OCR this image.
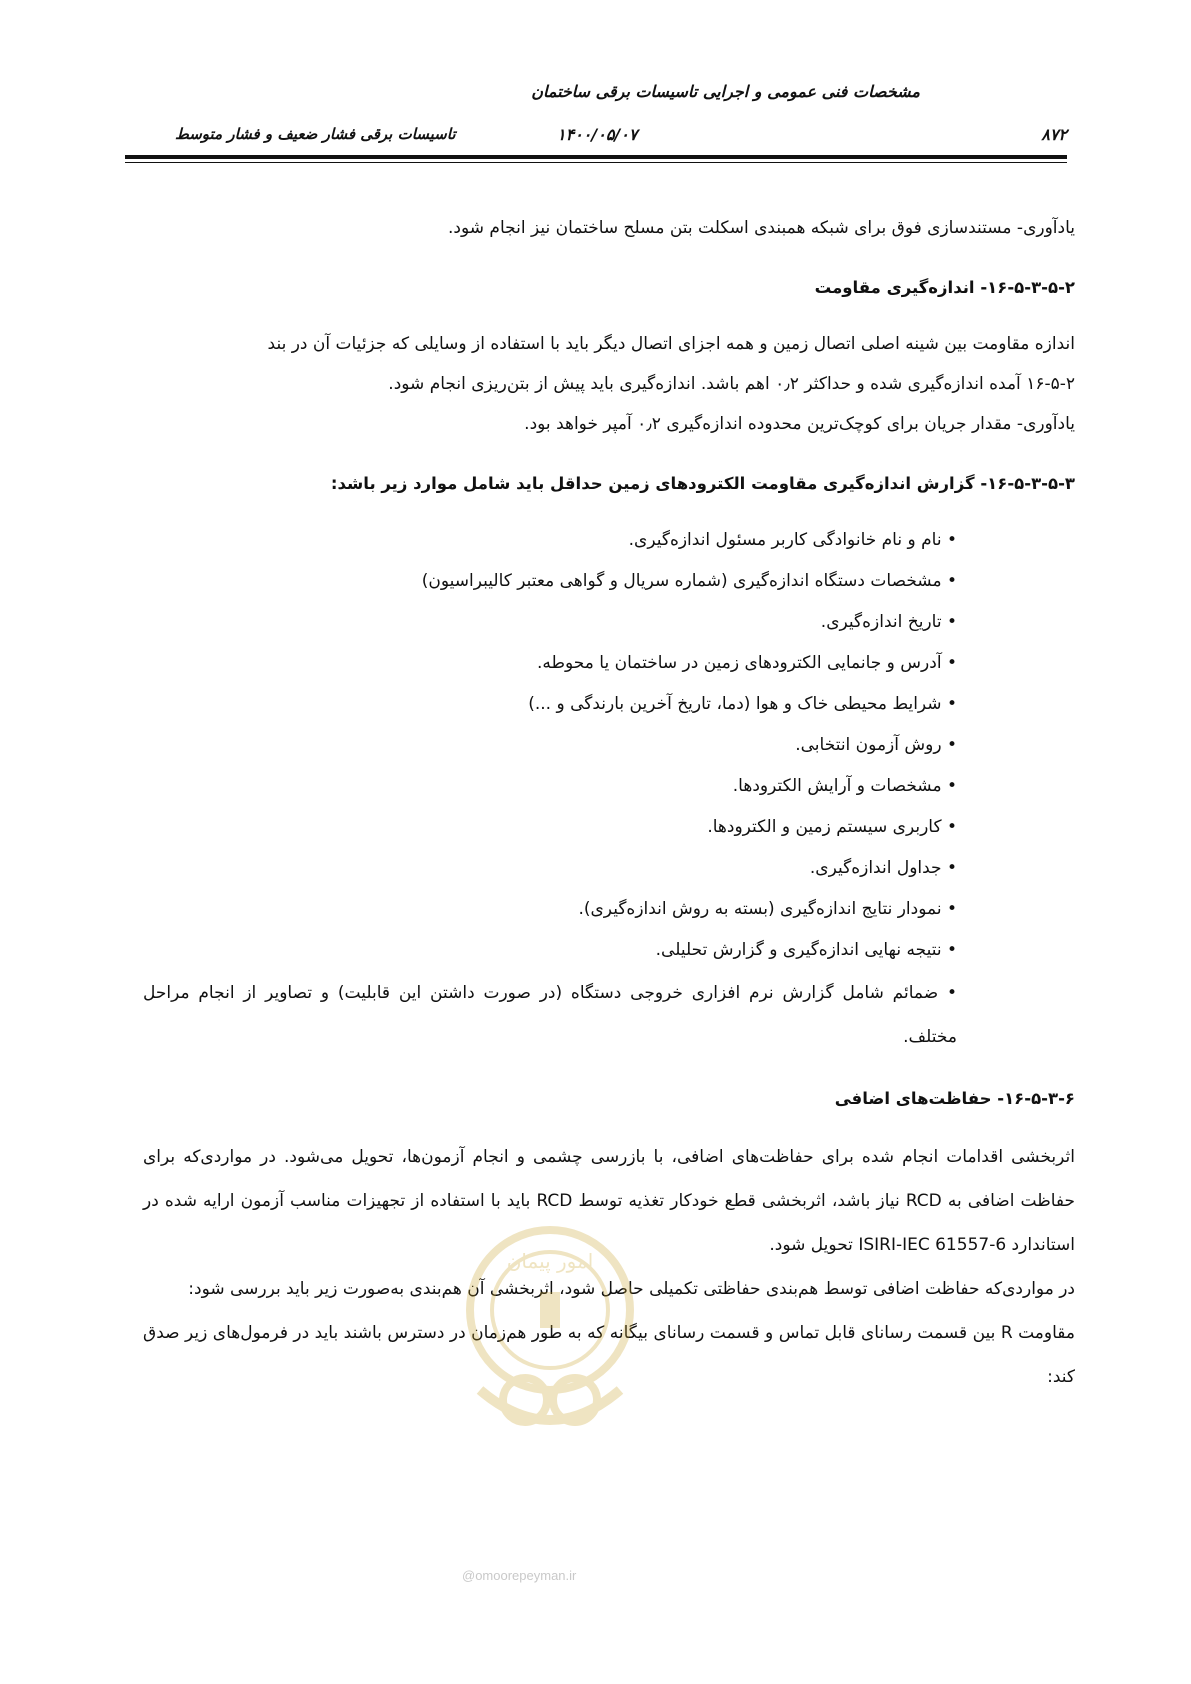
مشخصات فنی عمومی و اجرایی تاسیسات برقی ساختمان
۸۷۲
۱۴۰۰/۰۵/۰۷
تاسیسات برقی فشار ضعیف و فشار متوسط

یادآوری- مستندسازی فوق برای شبکه همبندی اسکلت بتن مسلح ساختمان نیز انجام شود.

۱۶-۵-۳-۵-۲- اندازه‌گیری مقاومت

اندازه مقاومت بین شینه اصلی اتصال زمین و همه اجزای اتصال دیگر باید با استفاده از وسایلی که جزئیات آن در بند

۱۶-۵-۲ آمده اندازه‌گیری شده و حداکثر ۰٫۲ اهم باشد. اندازه‌گیری باید پیش از بتن‌ریزی انجام شود.

یادآوری- مقدار جریان برای کوچک‌ترین محدوده اندازه‌گیری ۰٫۲ آمپر خواهد بود.

۱۶-۵-۳-۵-۳- گزارش اندازه‌گیری مقاومت الکترودهای زمین حداقل باید شامل موارد زیر باشد:

• نام و نام خانوادگی کاربر مسئول اندازه‌گیری.
• مشخصات دستگاه اندازه‌گیری (شماره سریال و گواهی معتبر کالیبراسیون)
• تاریخ اندازه‌گیری.
• آدرس و جانمایی الکترودهای زمین در ساختمان یا محوطه.
• شرایط محیطی خاک و هوا (دما، تاریخ آخرین بارندگی و ...)
• روش آزمون انتخابی.
• مشخصات و آرایش الکترودها.
• کاربری سیستم زمین و الکترودها.
• جداول اندازه‌گیری.
• نمودار نتایج اندازه‌گیری (بسته به روش اندازه‌گیری).
• نتیجه نهایی اندازه‌گیری و گزارش تحلیلی.
• ضمائم شامل گزارش نرم افزاری خروجی دستگاه (در صورت داشتن این قابلیت) و تصاویر از انجام مراحل مختلف.

۱۶-۵-۳-۶- حفاظت‌های اضافی

اثربخشی اقدامات انجام شده برای حفاظت‌های اضافی، با بازرسی چشمی و انجام آزمون‌ها، تحویل می‌شود. در موارد‌ی‌که برای حفاظت اضافی به RCD نیاز باشد، اثربخشی قطع خودکار تغذیه توسط RCD باید با استفاده از تجهیزات مناسب آزمون ارایه شده در استاندارد ISIRI-IEC 61557-6 تحویل شود.

در موارد‌ی‌که حفاظت اضافی توسط هم‌بندی حفاظتی تکمیلی حاصل شود، اثربخشی آن هم‌بندی به‌صورت زیر باید بررسی شود:

مقاومت R بین قسمت رسانای قابل تماس و قسمت رسانای بیگانه که به طور هم‌زمان در دسترس باشند باید در فرمول‌های زیر صدق کند:

امور پیمان
@omoorepeyman.ir
